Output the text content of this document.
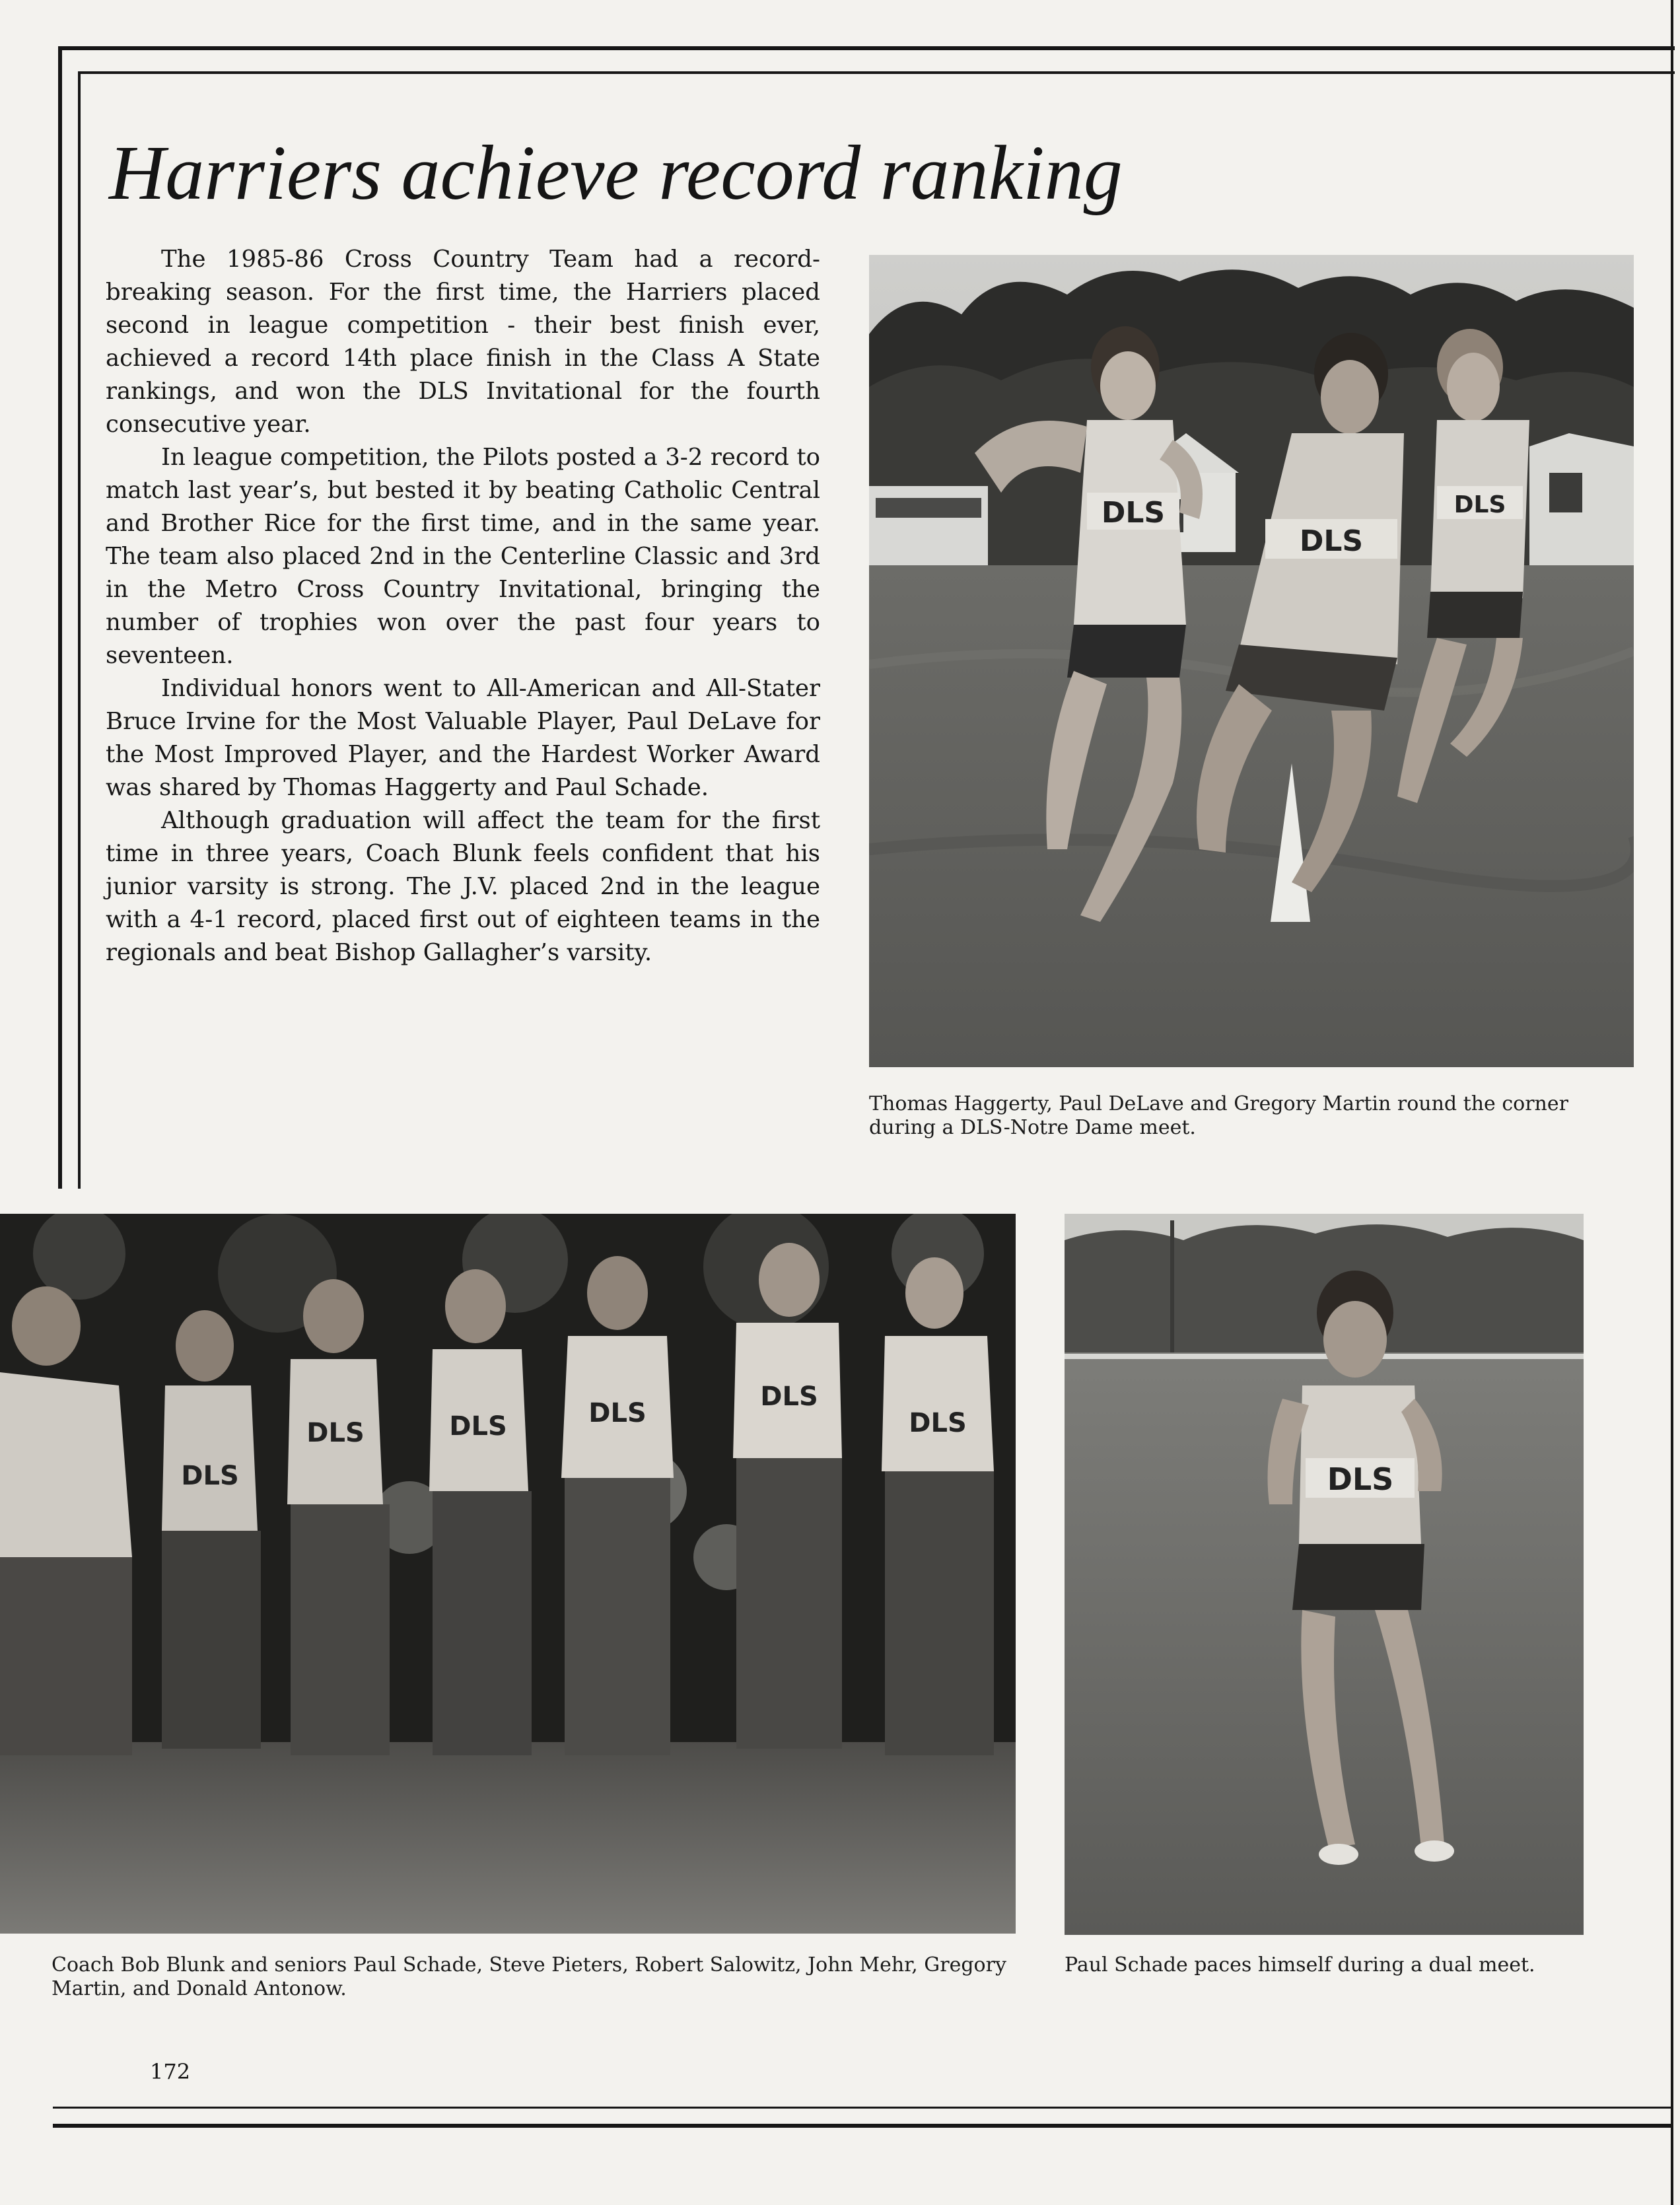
Harriers achieve record ranking

The 1985-86 Cross Country Team had a record-breaking season. For the first time, the Harriers placed second in league competition - their best finish ever, achieved a record 14th place finish in the Class A State rankings, and won the DLS Invitational for the fourth consecutive year.

In league competition, the Pilots posted a 3-2 record to match last year’s, but bested it by beating Catholic Central and Brother Rice for the first time, and in the same year. The team also placed 2nd in the Centerline Classic and 3rd in the Metro Cross Country Invitational, bringing the number of trophies won over the past four years to seventeen.

Individual honors went to All-American and All-Stater Bruce Irvine for the Most Valuable Player, Paul DeLave for the Most Improved Player, and the Hardest Worker Award was shared by Thomas Haggerty and Paul Schade.

Although graduation will affect the team for the first time in three years, Coach Blunk feels confident that his junior varsity is strong. The J.V. placed 2nd in the league with a 4-1 record, placed first out of eighteen teams in the regionals and beat Bishop Gallagher’s varsity.

DLS
DLS
DLS
Thomas Haggerty, Paul DeLave and Gregory Martin round the corner during a DLS-Notre Dame meet.
DLS
DLS	DLS	DLS
DLS
DLS
Coach Bob Blunk and seniors Paul Schade, Steve Pieters, Robert Salowitz, John Mehr, Gregory Martin, and Donald Antonow.
DLS
Paul Schade paces himself during a dual meet.
172
